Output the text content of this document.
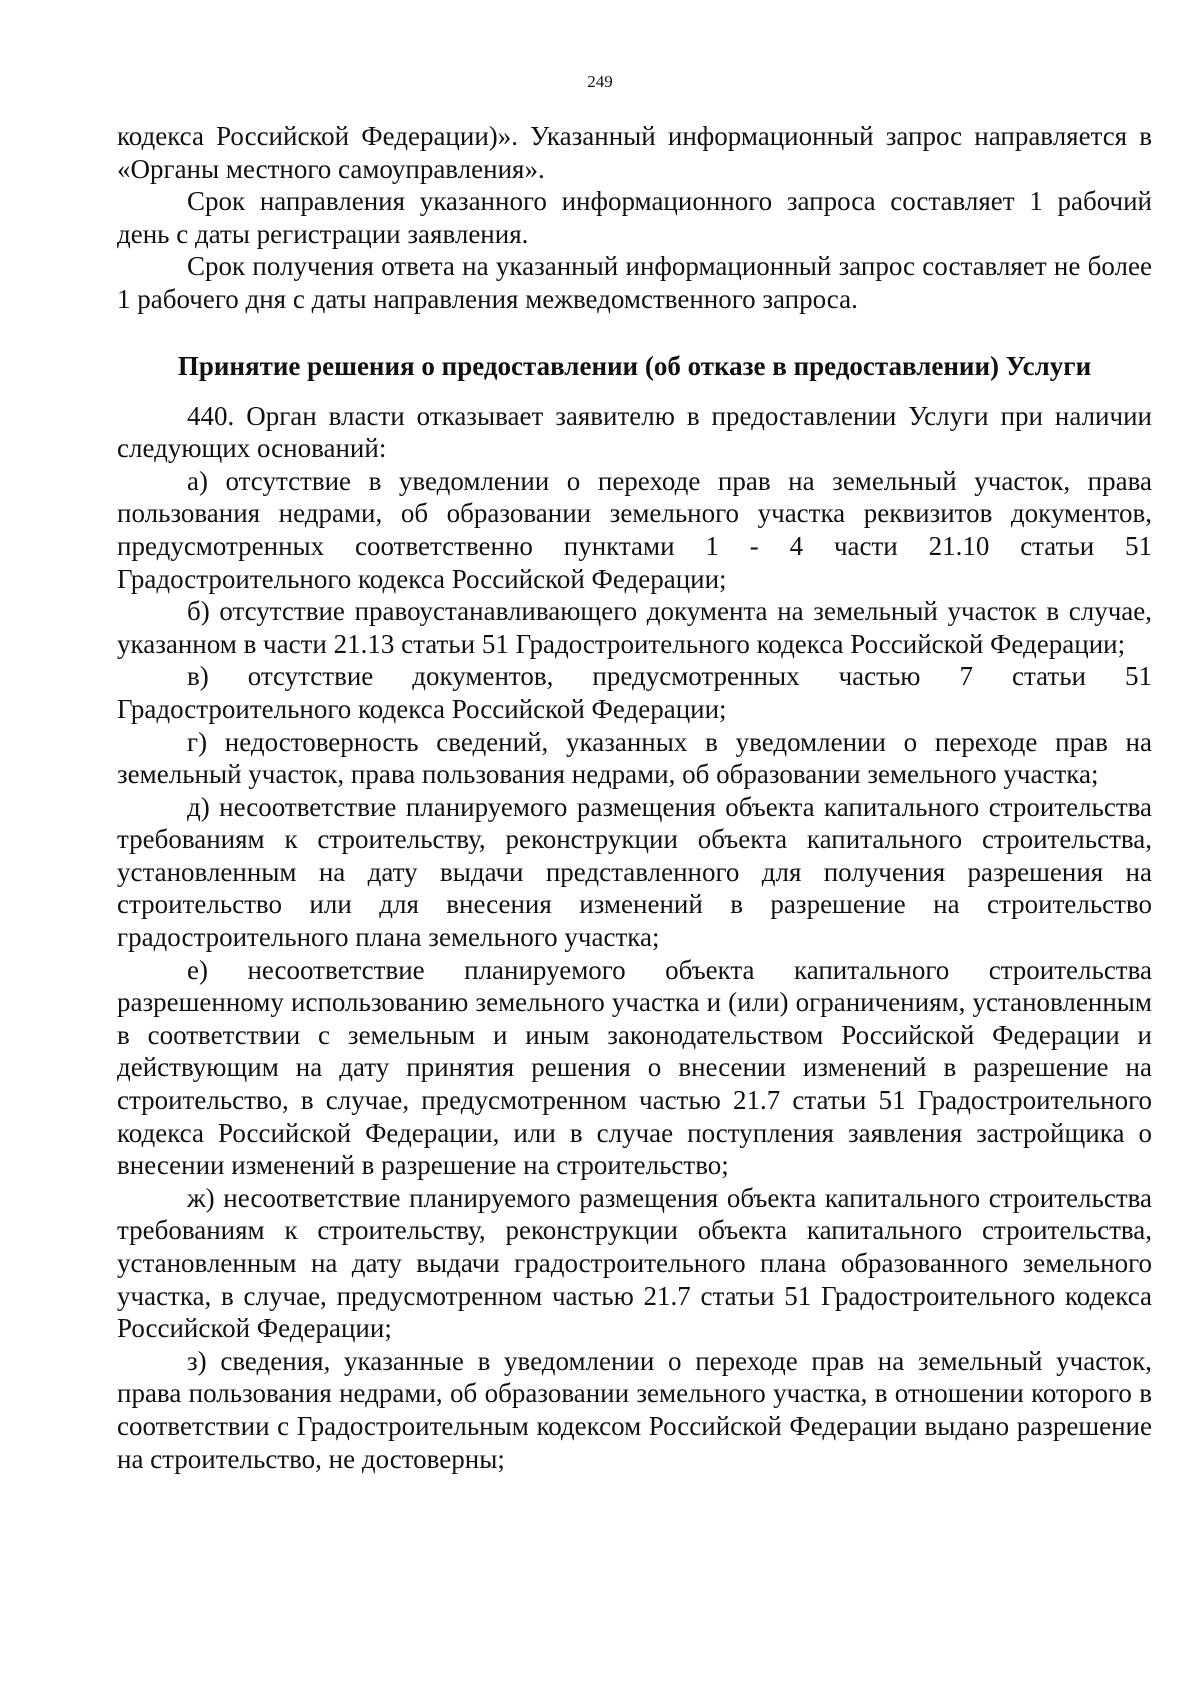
249

кодекса Российской Федерации)». Указанный информационный запрос направляется в «Органы местного самоуправления».

Срок направления указанного информационного запроса составляет 1 рабочий день с даты регистрации заявления.

Срок получения ответа на указанный информационный запрос составляет не более 1 рабочего дня с даты направления межведомственного запроса.

Принятие решения о предоставлении (об отказе в предоставлении) Услуги

440. Орган власти отказывает заявителю в предоставлении Услуги при наличии следующих оснований:

а) отсутствие в уведомлении о переходе прав на земельный участок, права пользования недрами, об образовании земельного участка реквизитов документов, предусмотренных соответственно пунктами 1 - 4 части 21.10 статьи 51 Градостроительного кодекса Российской Федерации;

б) отсутствие правоустанавливающего документа на земельный участок в случае, указанном в части 21.13 статьи 51 Градостроительного кодекса Российской Федерации;

в) отсутствие документов, предусмотренных частью 7 статьи 51 Градостроительного кодекса Российской Федерации;

г) недостоверность сведений, указанных в уведомлении о переходе прав на земельный участок, права пользования недрами, об образовании земельного участка;

д) несоответствие планируемого размещения объекта капитального строительства требованиям к строительству, реконструкции объекта капитального строительства, установленным на дату выдачи представленного для получения разрешения на строительство или для внесения изменений в разрешение на строительство градостроительного плана земельного участка;

е) несоответствие планируемого объекта капитального строительства разрешенному использованию земельного участка и (или) ограничениям, установленным в соответствии с земельным и иным законодательством Российской Федерации и действующим на дату принятия решения о внесении изменений в разрешение на строительство, в случае, предусмотренном частью 21.7 статьи 51 Градостроительного кодекса Российской Федерации, или в случае поступления заявления застройщика о внесении изменений в разрешение на строительство;

ж) несоответствие планируемого размещения объекта капитального строительства требованиям к строительству, реконструкции объекта капитального строительства, установленным на дату выдачи градостроительного плана образованного земельного участка, в случае, предусмотренном частью 21.7 статьи 51 Градостроительного кодекса Российской Федерации;

з) сведения, указанные в уведомлении о переходе прав на земельный участок, права пользования недрами, об образовании земельного участка, в отношении которого в соответствии с Градостроительным кодексом Российской Федерации выдано разрешение на строительство, не достоверны;
